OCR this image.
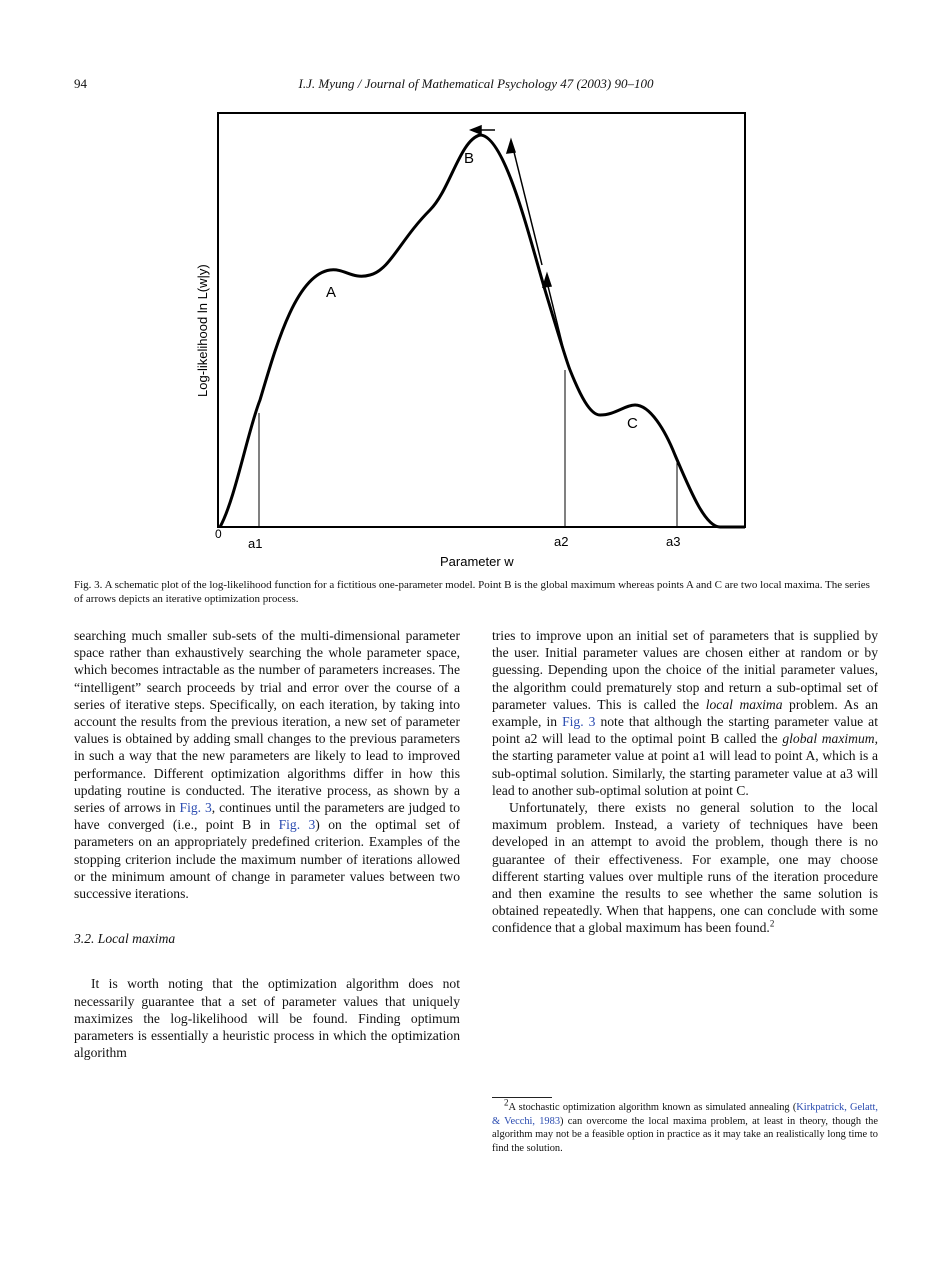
94	I.J. Myung / Journal of Mathematical Psychology 47 (2003) 90–100
A
B
C
0
a1	a2	a3
Parameter w
Log-likelihood ln L(w|y)
Fig. 3. A schematic plot of the log-likelihood function for a fictitious one-parameter model. Point B is the global maximum whereas points A and C are two local maxima. The series of arrows depicts an iterative optimization process.

searching much smaller sub-sets of the multi-dimensional parameter space rather than exhaustively searching the whole parameter space, which becomes intractable as the number of parameters increases. The “intelligent” search proceeds by trial and error over the course of a series of iterative steps. Specifically, on each iteration, by taking into account the results from the previous iteration, a new set of parameter values is obtained by adding small changes to the previous parameters in such a way that the new parameters are likely to lead to improved performance. Different optimization algorithms differ in how this updating routine is conducted. The iterative process, as shown by a series of arrows in Fig. 3, continues until the parameters are judged to have converged (i.e., point B in Fig. 3) on the optimal set of parameters on an appropriately predefined criterion. Examples of the stopping criterion include the maximum number of iterations allowed or the minimum amount of change in parameter values between two successive iterations.

3.2. Local maxima

It is worth noting that the optimization algorithm does not necessarily guarantee that a set of parameter values that uniquely maximizes the log-likelihood will be found. Finding optimum parameters is essentially a heuristic process in which the optimization algorithm

tries to improve upon an initial set of parameters that is supplied by the user. Initial parameter values are chosen either at random or by guessing. Depending upon the choice of the initial parameter values, the algorithm could prematurely stop and return a sub-optimal set of parameter values. This is called the local maxima problem. As an example, in Fig. 3 note that although the starting parameter value at point a2 will lead to the optimal point B called the global maximum, the starting parameter value at point a1 will lead to point A, which is a sub-optimal solution. Similarly, the starting parameter value at a3 will lead to another sub-optimal solution at point C.

Unfortunately, there exists no general solution to the local maximum problem. Instead, a variety of techniques have been developed in an attempt to avoid the problem, though there is no guarantee of their effectiveness. For example, one may choose different starting values over multiple runs of the iteration procedure and then examine the results to see whether the same solution is obtained repeatedly. When that happens, one can conclude with some confidence that a global maximum has been found.$^2$

2A stochastic optimization algorithm known as simulated annealing (Kirkpatrick, Gelatt, & Vecchi, 1983) can overcome the local maxima problem, at least in theory, though the algorithm may not be a feasible option in practice as it may take an realistically long time to find the solution.
